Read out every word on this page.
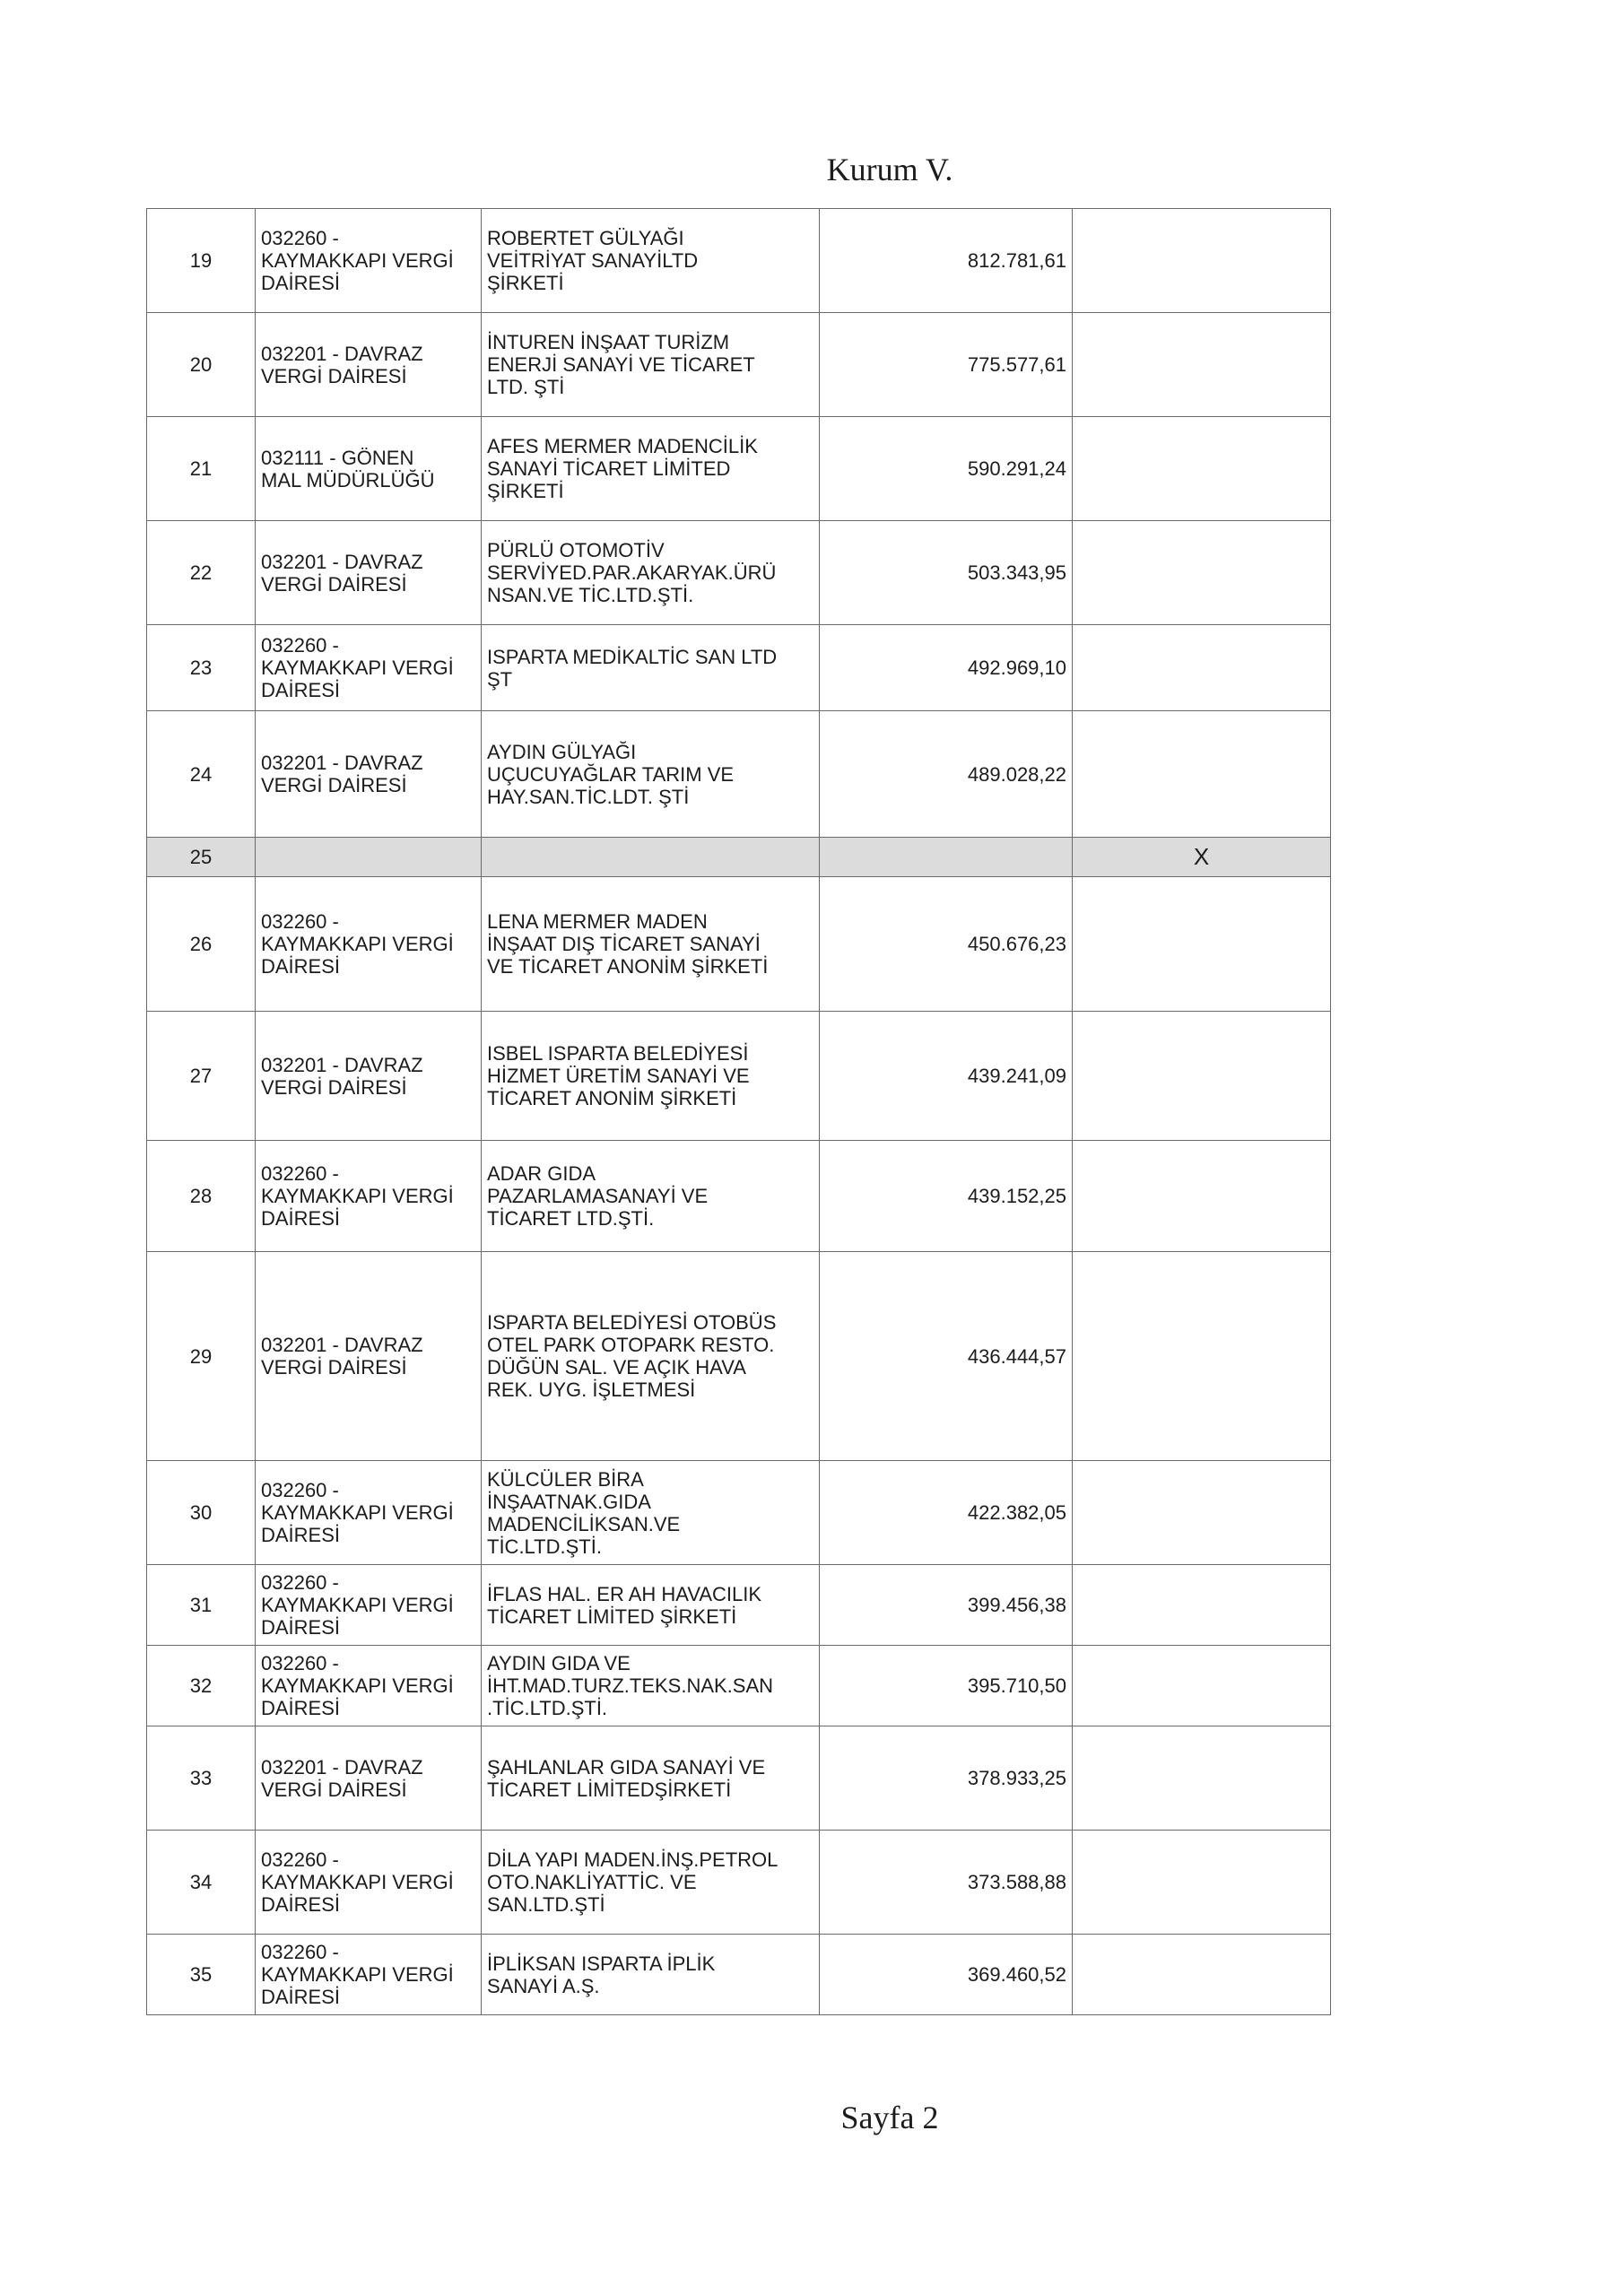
Kurum V.
19	032260 -
KAYMAKKAPI VERGİ
DAİRESİ	ROBERTET GÜLYAĞI
VEİTRİYAT SANAYİLTD
ŞİRKETİ	812.781,61	
20	032201 - DAVRAZ
VERGİ DAİRESİ	İNTUREN İNŞAAT TURİZM
ENERJİ SANAYİ VE TİCARET
LTD. ŞTİ	775.577,61	
21	032111 - GÖNEN
MAL MÜDÜRLÜĞÜ	AFES MERMER MADENCİLİK
SANAYİ TİCARET LİMİTED
ŞİRKETİ	590.291,24	
22	032201 - DAVRAZ
VERGİ DAİRESİ	PÜRLÜ OTOMOTİV
SERVİYED.PAR.AKARYAK.ÜRÜ
NSAN.VE TİC.LTD.ŞTİ.	503.343,95	
23	032260 -
KAYMAKKAPI VERGİ
DAİRESİ	ISPARTA MEDİKALTİC SAN LTD
ŞT	492.969,10	
24	032201 - DAVRAZ
VERGİ DAİRESİ	AYDIN GÜLYAĞI
UÇUCUYAĞLAR TARIM VE
HAY.SAN.TİC.LDT. ŞTİ	489.028,22	
25				X
26	032260 -
KAYMAKKAPI VERGİ
DAİRESİ	LENA MERMER MADEN
İNŞAAT DIŞ TİCARET SANAYİ
VE TİCARET ANONİM ŞİRKETİ	450.676,23	
27	032201 - DAVRAZ
VERGİ DAİRESİ	ISBEL ISPARTA BELEDİYESİ
HİZMET ÜRETİM SANAYİ VE
TİCARET ANONİM ŞİRKETİ	439.241,09	
28	032260 -
KAYMAKKAPI VERGİ
DAİRESİ	ADAR GIDA
PAZARLAMASANAYİ VE
TİCARET LTD.ŞTİ.	439.152,25	
29	032201 - DAVRAZ
VERGİ DAİRESİ	ISPARTA BELEDİYESİ OTOBÜS
OTEL PARK OTOPARK RESTO.
DÜĞÜN SAL. VE AÇIK HAVA
REK. UYG. İŞLETMESİ	436.444,57	
30	032260 -
KAYMAKKAPI VERGİ
DAİRESİ	KÜLCÜLER BİRA
İNŞAATNAK.GIDA
MADENCİLİKSAN.VE
TİC.LTD.ŞTİ.	422.382,05	
31	032260 -
KAYMAKKAPI VERGİ
DAİRESİ	İFLAS HAL. ER AH HAVACILIK
TİCARET LİMİTED ŞİRKETİ	399.456,38	
32	032260 -
KAYMAKKAPI VERGİ
DAİRESİ	AYDIN GIDA VE
İHT.MAD.TURZ.TEKS.NAK.SAN
.TİC.LTD.ŞTİ.	395.710,50	
33	032201 - DAVRAZ
VERGİ DAİRESİ	ŞAHLANLAR GIDA SANAYİ VE
TİCARET LİMİTEDŞİRKETİ	378.933,25	
34	032260 -
KAYMAKKAPI VERGİ
DAİRESİ	DİLA YAPI MADEN.İNŞ.PETROL
OTO.NAKLİYATTİC. VE
SAN.LTD.ŞTİ	373.588,88	
35	032260 -
KAYMAKKAPI VERGİ
DAİRESİ	İPLİKSAN ISPARTA İPLİK
SANAYİ A.Ş.	369.460,52	
Sayfa 2
